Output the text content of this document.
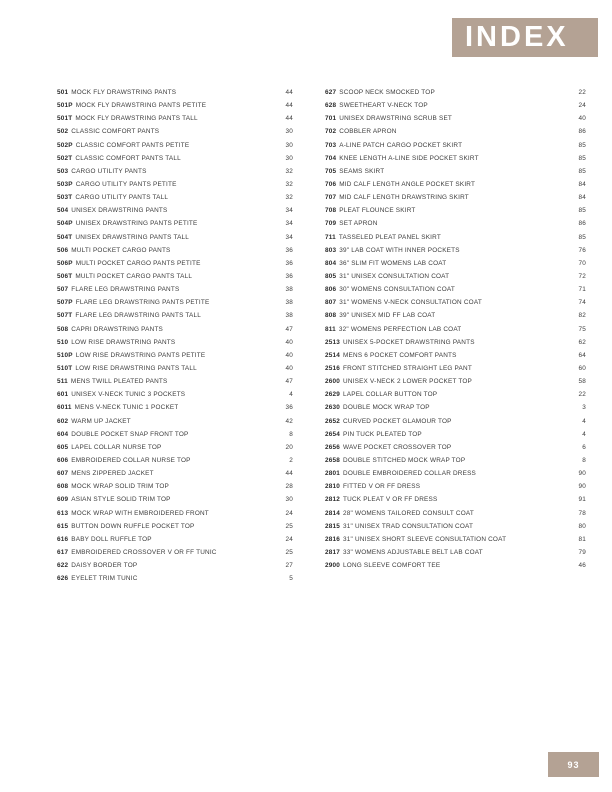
INDEX
501 MOCK FLY DRAWSTRING PANTS	44
501P MOCK FLY DRAWSTRING PANTS PETITE	44
501T MOCK FLY DRAWSTRING PANTS TALL	44
502 CLASSIC COMFORT PANTS	30
502P CLASSIC COMFORT PANTS PETITE	30
502T CLASSIC COMFORT PANTS TALL	30
503 CARGO UTILITY PANTS	32
503P CARGO UTILITY PANTS PETITE	32
503T CARGO UTILITY PANTS TALL	32
504 UNISEX DRAWSTRING PANTS	34
504P UNISEX DRAWSTRING PANTS PETITE	34
504T UNISEX DRAWSTRING PANTS TALL	34
506 MULTI POCKET CARGO PANTS	36
506P MULTI POCKET CARGO PANTS PETITE	36
506T MULTI POCKET CARGO PANTS TALL	36
507 FLARE LEG DRAWSTRING PANTS	38
507P FLARE LEG DRAWSTRING PANTS PETITE	38
507T FLARE LEG DRAWSTRING PANTS TALL	38
508 CAPRI DRAWSTRING PANTS	47
510 LOW RISE DRAWSTRING PANTS	40
510P LOW RISE DRAWSTRING PANTS PETITE	40
510T LOW RISE DRAWSTRING PANTS TALL	40
511 MENS TWILL PLEATED PANTS	47
601 UNISEX V-NECK TUNIC 3 POCKETS	4
6011 MENS V-NECK TUNIC 1 POCKET	36
602 WARM UP JACKET	42
604 DOUBLE POCKET SNAP FRONT TOP	8
605 LAPEL COLLAR NURSE TOP	20
606 EMBROIDERED COLLAR NURSE TOP	2
607 MENS ZIPPERED JACKET	44
608 MOCK WRAP SOLID TRIM TOP	28
609 ASIAN STYLE SOLID TRIM TOP	30
613 MOCK WRAP WITH EMBROIDERED FRONT	24
615 BUTTON DOWN RUFFLE POCKET TOP	25
616 BABY DOLL RUFFLE TOP	24
617 EMBROIDERED CROSSOVER V OR FF TUNIC	25
622 DAISY BORDER TOP	27
626 EYELET TRIM TUNIC	5
627 SCOOP NECK SMOCKED TOP	22
628 SWEETHEART V-NECK TOP	24
701 UNISEX DRAWSTRING SCRUB SET	40
702 COBBLER APRON	86
703 A-LINE PATCH CARGO POCKET SKIRT	85
704 KNEE LENGTH A-LINE SIDE POCKET SKIRT	85
705 SEAMS SKIRT	85
706 MID CALF LENGTH ANGLE POCKET SKIRT	84
707 MID CALF LENGTH DRAWSTRING SKIRT	84
708 PLEAT FLOUNCE SKIRT	85
709 SET APRON	86
711 TASSELED PLEAT PANEL SKIRT	85
803 39" LAB COAT WITH INNER POCKETS	76
804 36" SLIM FIT WOMENS LAB COAT	70
805 31" UNISEX CONSULTATION COAT	72
806 30" WOMENS CONSULTATION COAT	71
807 31" WOMENS V-NECK CONSULTATION COAT	74
808 39" UNISEX MID FF LAB COAT	82
811 32" WOMENS PERFECTION LAB COAT	75
2513 UNISEX 5-POCKET DRAWSTRING PANTS	62
2514 MENS 6 POCKET COMFORT PANTS	64
2516 FRONT STITCHED STRAIGHT LEG PANT	60
2600 UNISEX V-NECK 2 LOWER POCKET TOP	58
2629 LAPEL COLLAR BUTTON TOP	22
2630 DOUBLE MOCK WRAP TOP	3
2652 CURVED POCKET GLAMOUR TOP	4
2654 PIN TUCK PLEATED TOP	4
2656 WAVE POCKET CROSSOVER TOP	6
2658 DOUBLE STITCHED MOCK WRAP TOP	8
2801 DOUBLE EMBROIDERED COLLAR DRESS	90
2810 FITTED V OR FF DRESS	90
2812 TUCK PLEAT V OR FF DRESS	91
2814 28" WOMENS TAILORED CONSULT COAT	78
2815 31" UNISEX TRAD CONSULTATION COAT	80
2816 31" UNISEX SHORT SLEEVE CONSULTATION COAT	81
2817 33" WOMENS ADJUSTABLE BELT LAB COAT	79
2900 LONG SLEEVE COMFORT TEE	46
93
